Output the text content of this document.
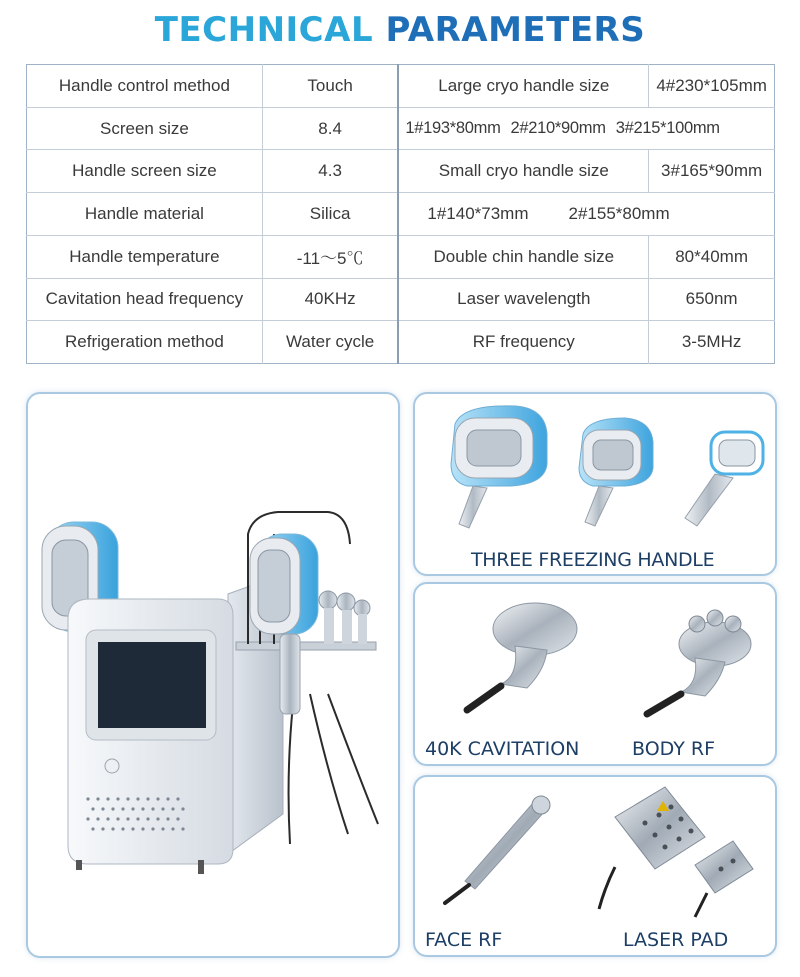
TECHNICAL PARAMETERS
Handle control method	Touch	Large cryo handle size	4#230*105mm
Screen size	8.4	1#193*80mm 2#210*90mm 3#215*100mm	
Handle screen size	4.3	Small cryo handle size	3#165*90mm
Handle material	Silica	1#140*73mm 2#155*80mm	
Handle temperature	-11～5℃	Double chin handle size	80*40mm
Cavitation head frequency	40KHz	Laser wavelength	650nm
Refrigeration method	Water cycle	RF frequency	3-5MHz
THREE FREEZING HANDLE
40K CAVITATION	BODY RF
FACE RF	LASER PAD
